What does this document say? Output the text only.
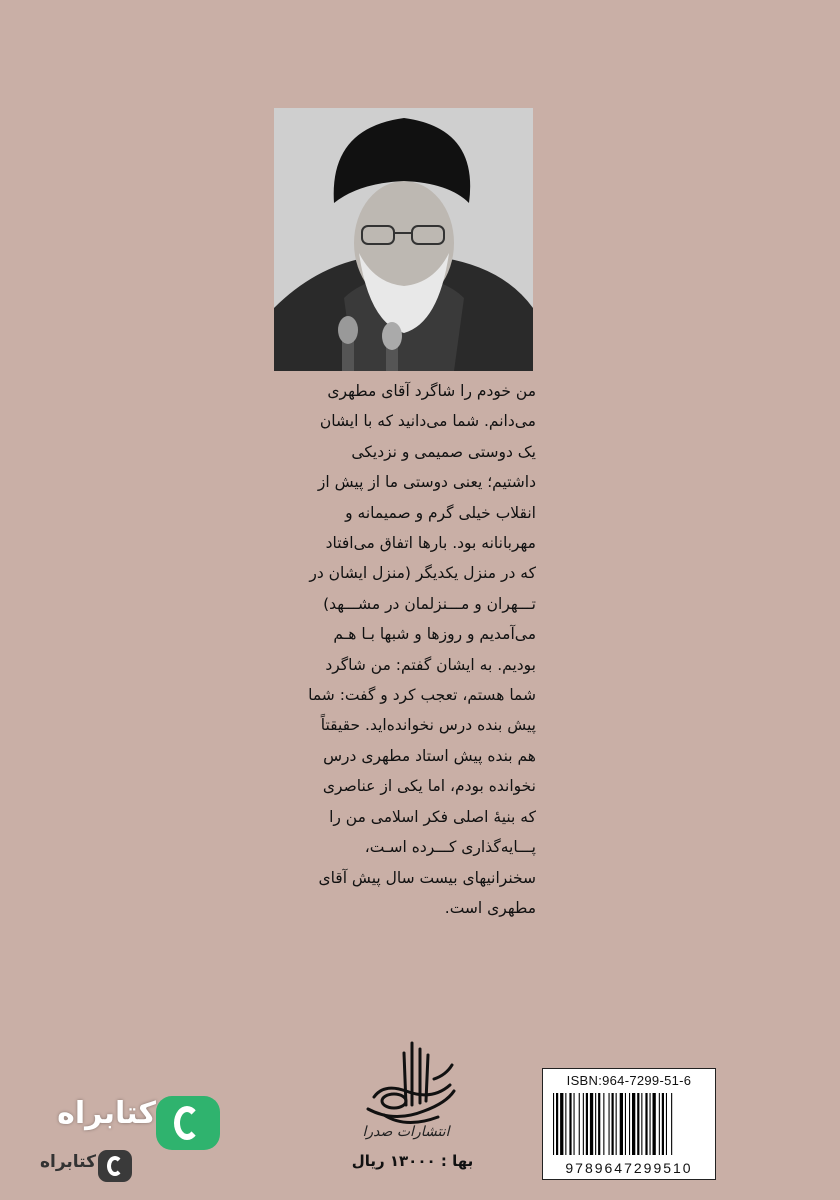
من خودم را شاگرد آقای مطهری
می‌دانم. شما می‌دانید که با ایشان
یک دوستی صمیمی و نزدیکی
داشتیم؛ یعنی دوستی ما از پیش از
انقلاب خیلی گرم و صمیمانه و
مهربانانه بود. بارها اتفاق می‌افتاد
که در منزل یکدیگر (منزل ایشان در
تـــهران و مـــنزلمان در مشـــهد)
می‌آمدیم و روزها و شبها بـا هـم
بودیم. به ایشان گفتم: من شاگرد
شما هستم، تعجب کرد و گفت: شما
پیش بنده درس نخوانده‌اید. حقیقتاً
هم بنده پیش استاد مطهری درس
نخوانده بودم، اما یکی از عناصری
که بنیهٔ اصلی فکر اسلامی من را
پـــایه‌گذاری کـــرده اسـت،
سخنرانیهای بیست سال پیش آقای
مطهری است.
انتشارات صدرا
بها : ۱۳۰۰۰ ریال
ISBN:964-7299-51-6
9789647299510
کتابراه
کتابراه
